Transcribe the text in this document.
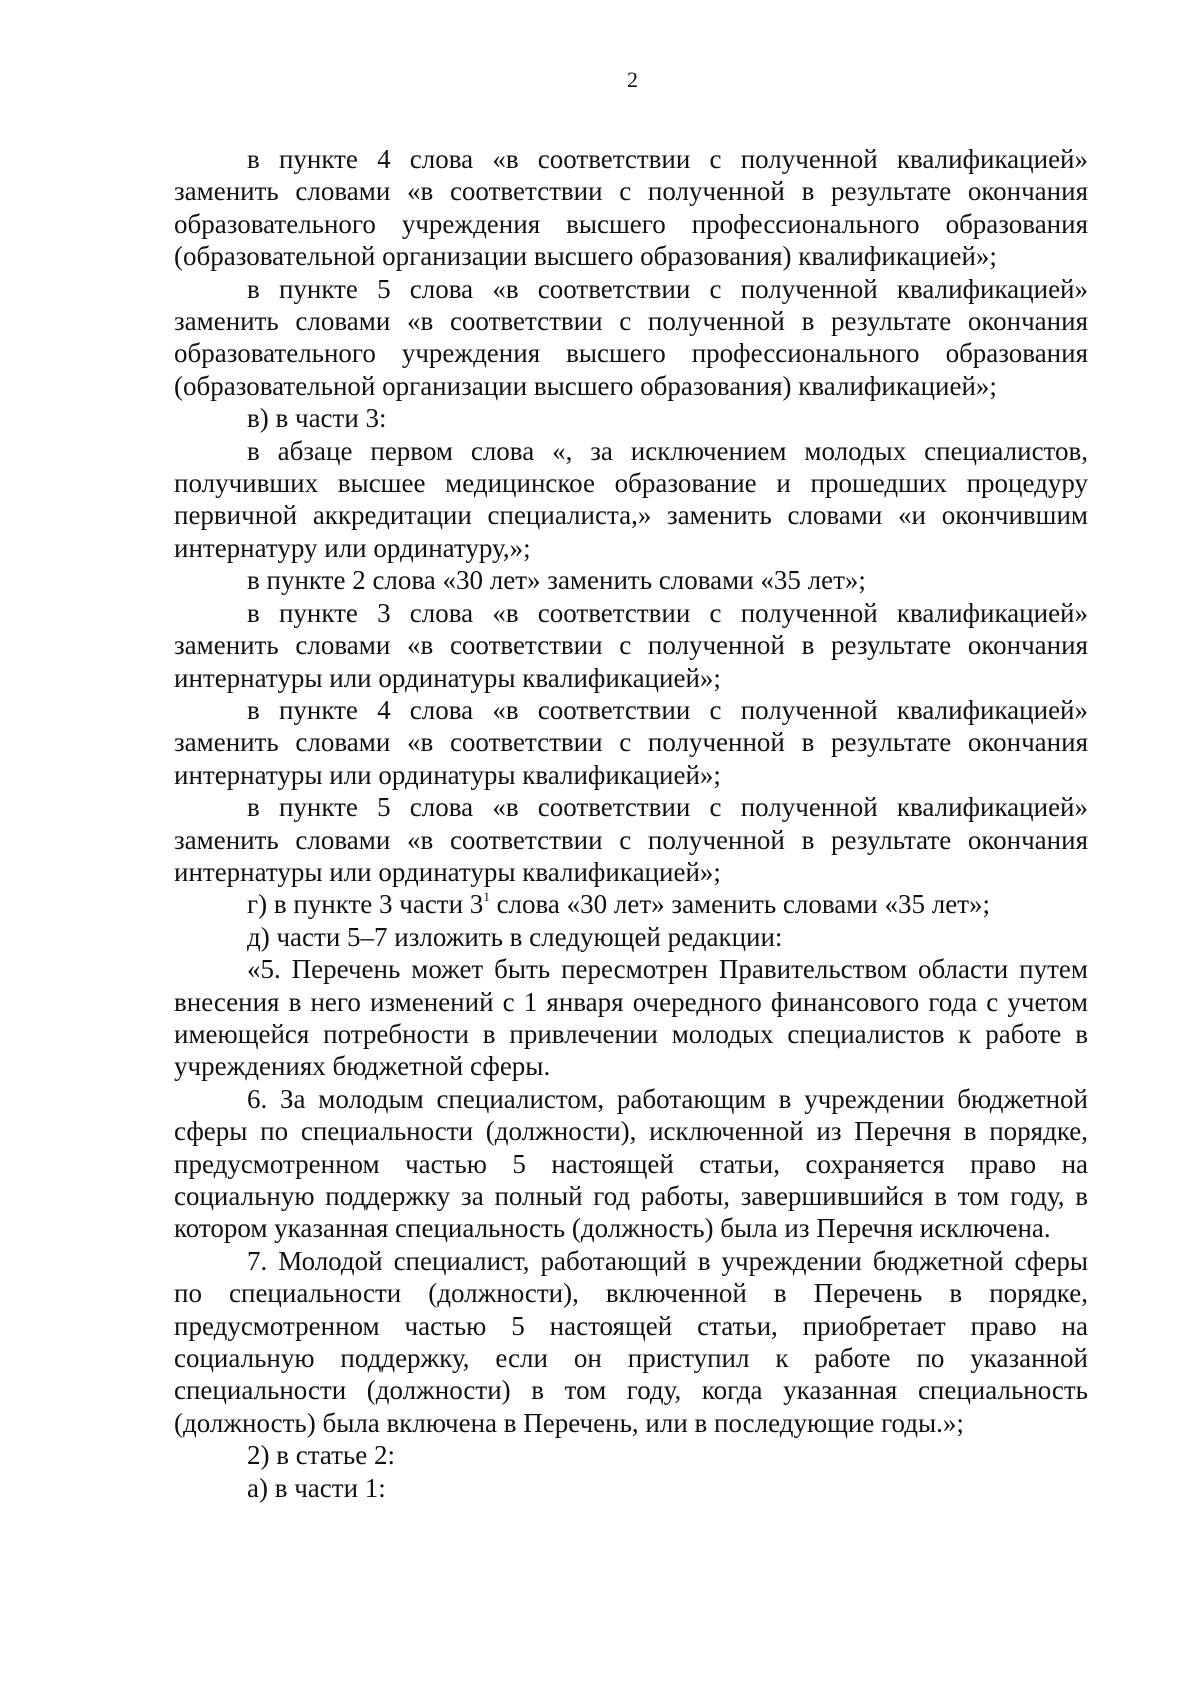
2

в пункте 4 слова «в соответствии с полученной квалификацией» заменить словами «в соответствии с полученной в результате окончания образовательного учреждения высшего профессионального образования (образовательной организации высшего образования) квалификацией»;

в пункте 5 слова «в соответствии с полученной квалификацией» заменить словами «в соответствии с полученной в результате окончания образовательного учреждения высшего профессионального образования (образовательной организации высшего образования) квалификацией»;

в) в части 3:

в абзаце первом слова «, за исключением молодых специалистов, получивших высшее медицинское образование и прошедших процедуру первичной аккредитации специалиста,» заменить словами «и окончившим интернатуру или ординатуру,»;

в пункте 2 слова «30 лет» заменить словами «35 лет»;

в пункте 3 слова «в соответствии с полученной квалификацией» заменить словами «в соответствии с полученной в результате окончания интернатуры или ординатуры квалификацией»;

в пункте 4 слова «в соответствии с полученной квалификацией» заменить словами «в соответствии с полученной в результате окончания интернатуры или ординатуры квалификацией»;

в пункте 5 слова «в соответствии с полученной квалификацией» заменить словами «в соответствии с полученной в результате окончания интернатуры или ординатуры квалификацией»;

г) в пункте 3 части $3^1$ слова «30 лет» заменить словами «35 лет»;

д) части 5–7 изложить в следующей редакции:

«5. Перечень может быть пересмотрен Правительством области путем внесения в него изменений с 1 января очередного финансового года с учетом имеющейся потребности в привлечении молодых специалистов к работе в учреждениях бюджетной сферы.

6. За молодым специалистом, работающим в учреждении бюджетной сферы по специальности (должности), исключенной из Перечня в порядке, предусмотренном частью 5 настоящей статьи, сохраняется право на социальную поддержку за полный год работы, завершившийся в том году, в котором указанная специальность (должность) была из Перечня исключена.

7. Молодой специалист, работающий в учреждении бюджетной сферы по специальности (должности), включенной в Перечень в порядке, предусмотренном частью 5 настоящей статьи, приобретает право на социальную поддержку, если он приступил к работе по указанной специальности (должности) в том году, когда указанная специальность (должность) была включена в Перечень, или в последующие годы.»;

2) в статье 2:

а) в части 1:
